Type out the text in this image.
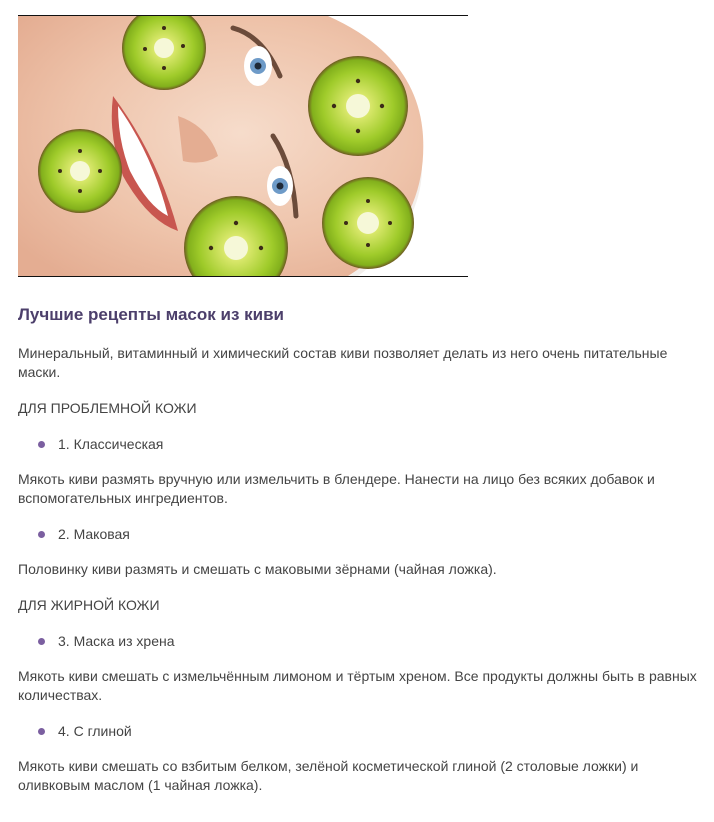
Лучшие рецепты масок из киви

Минеральный, витаминный и химический состав киви позволяет делать из него очень питательные маски.

ДЛЯ ПРОБЛЕМНОЙ КОЖИ
1. Классическая

Мякоть киви размять вручную или измельчить в блендере. Нанести на лицо без всяких добавок и вспомогательных ингредиентов.

2. Маковая

Половинку киви размять и смешать с маковыми зёрнами (чайная ложка).

ДЛЯ ЖИРНОЙ КОЖИ
3. Маска из хрена

Мякоть киви смешать с измельчённым лимоном и тёртым хреном. Все продукты должны быть в равных количествах.

4. С глиной

Мякоть киви смешать со взбитым белком, зелёной косметической глиной (2 столовые ложки) и оливковым маслом (1 чайная ложка).
